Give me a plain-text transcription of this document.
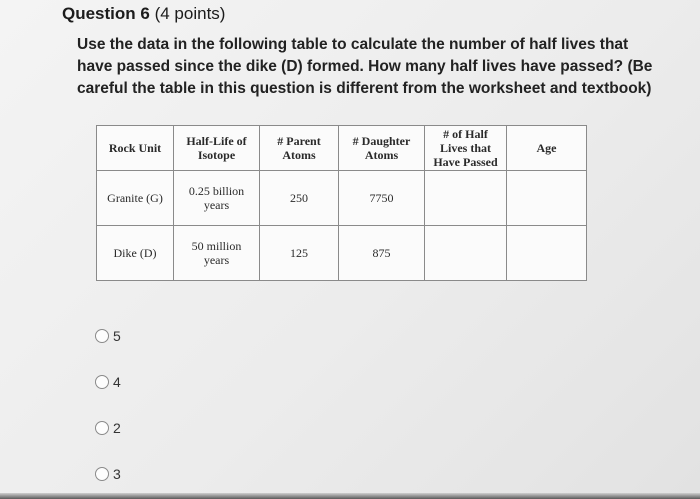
Question 6 (4 points)
Use the data in the following table to calculate the number of half lives that have passed since the dike (D) formed. How many half lives have passed? (Be careful the table in this question is different from the worksheet and textbook)
Rock Unit	Half-Life of Isotope	# Parent Atoms	# Daughter Atoms	# of Half Lives that Have Passed	Age
Granite (G)	0.25 billion years	250	7750		
Dike (D)	50 million years	125	875		
5
4
2
3
